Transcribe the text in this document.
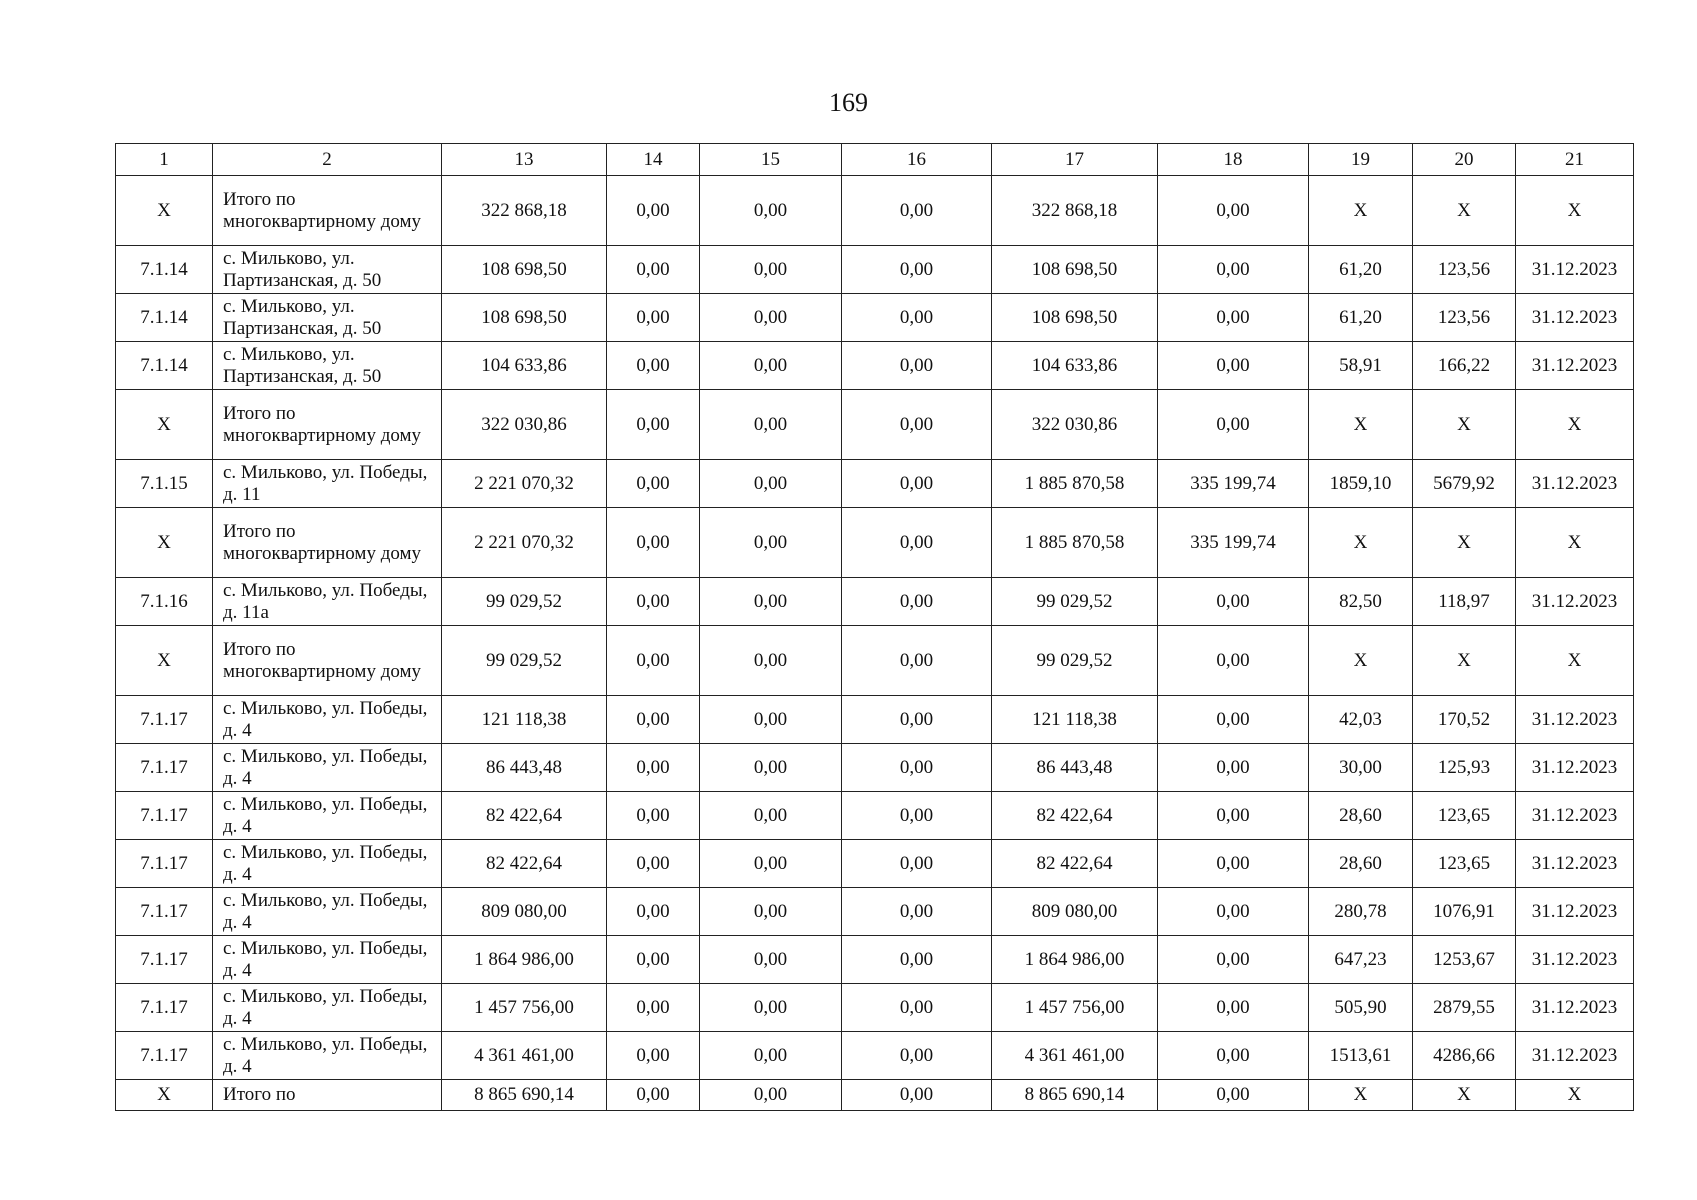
169
1	2	13	14	15	16	17	18	19	20	21
X	Итого по многоквартирному дому	322 868,18	0,00	0,00	0,00	322 868,18	0,00	X	X	X
7.1.14	с. Мильково, ул. Партизанская, д. 50	108 698,50	0,00	0,00	0,00	108 698,50	0,00	61,20	123,56	31.12.2023
7.1.14	с. Мильково, ул. Партизанская, д. 50	108 698,50	0,00	0,00	0,00	108 698,50	0,00	61,20	123,56	31.12.2023
7.1.14	с. Мильково, ул. Партизанская, д. 50	104 633,86	0,00	0,00	0,00	104 633,86	0,00	58,91	166,22	31.12.2023
X	Итого по многоквартирному дому	322 030,86	0,00	0,00	0,00	322 030,86	0,00	X	X	X
7.1.15	с. Мильково, ул. Победы, д. 11	2 221 070,32	0,00	0,00	0,00	1 885 870,58	335 199,74	1859,10	5679,92	31.12.2023
X	Итого по многоквартирному дому	2 221 070,32	0,00	0,00	0,00	1 885 870,58	335 199,74	X	X	X
7.1.16	с. Мильково, ул. Победы, д. 11а	99 029,52	0,00	0,00	0,00	99 029,52	0,00	82,50	118,97	31.12.2023
X	Итого по многоквартирному дому	99 029,52	0,00	0,00	0,00	99 029,52	0,00	X	X	X
7.1.17	с. Мильково, ул. Победы, д. 4	121 118,38	0,00	0,00	0,00	121 118,38	0,00	42,03	170,52	31.12.2023
7.1.17	с. Мильково, ул. Победы, д. 4	86 443,48	0,00	0,00	0,00	86 443,48	0,00	30,00	125,93	31.12.2023
7.1.17	с. Мильково, ул. Победы, д. 4	82 422,64	0,00	0,00	0,00	82 422,64	0,00	28,60	123,65	31.12.2023
7.1.17	с. Мильково, ул. Победы, д. 4	82 422,64	0,00	0,00	0,00	82 422,64	0,00	28,60	123,65	31.12.2023
7.1.17	с. Мильково, ул. Победы, д. 4	809 080,00	0,00	0,00	0,00	809 080,00	0,00	280,78	1076,91	31.12.2023
7.1.17	с. Мильково, ул. Победы, д. 4	1 864 986,00	0,00	0,00	0,00	1 864 986,00	0,00	647,23	1253,67	31.12.2023
7.1.17	с. Мильково, ул. Победы, д. 4	1 457 756,00	0,00	0,00	0,00	1 457 756,00	0,00	505,90	2879,55	31.12.2023
7.1.17	с. Мильково, ул. Победы, д. 4	4 361 461,00	0,00	0,00	0,00	4 361 461,00	0,00	1513,61	4286,66	31.12.2023
X	Итого по	8 865 690,14	0,00	0,00	0,00	8 865 690,14	0,00	X	X	X
